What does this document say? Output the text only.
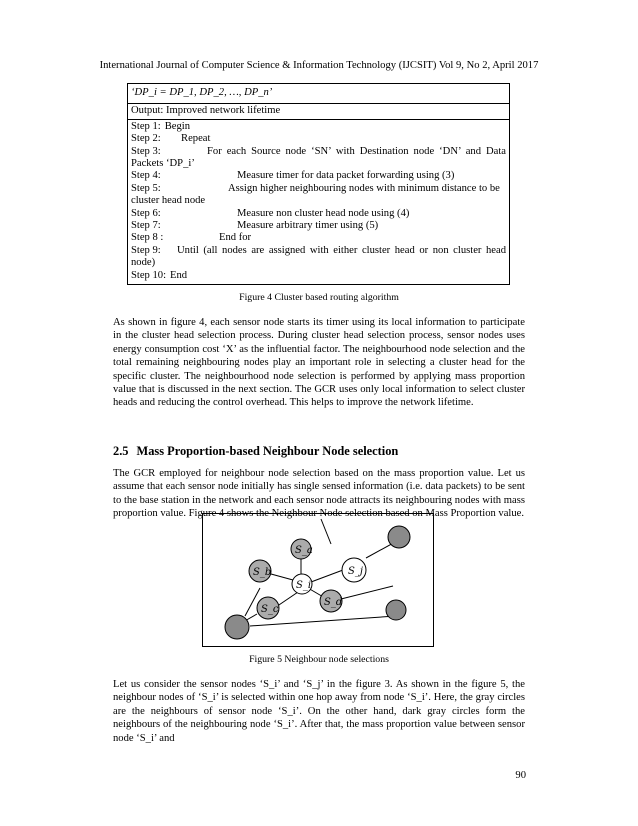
International Journal of Computer Science & Information Technology (IJCSIT) Vol 9, No 2, April 2017
‘DP_i = DP_1, DP_2, …, DP_n’
Output: Improved network lifetime
Step 1: Begin
Step 2:	Repeat
Step 3:	For each Source node ‘SN’ with Destination node ‘DN’ and Data Packets ‘DP_i’
Step 4:	Measure timer for data packet forwarding using (3)
Step 5:	Assign higher neighbouring nodes with minimum distance to be cluster head node
Step 6:	Measure non cluster head node using (4)
Step 7:	Measure arbitrary timer using (5)
Step 8 :	End for
Step 9: Until (all nodes are assigned with either cluster head or non cluster head node)
Step 10: End
Figure 4 Cluster based routing algorithm
As shown in figure 4, each sensor node starts its timer using its local information to participate in the cluster head selection process. During cluster head selection process, sensor nodes uses energy consumption cost ‘X’ as the influential factor. The neighbourhood node selection and the total remaining neighbouring nodes play an important role in selecting a cluster head for the specific cluster. The neighbourhood node selection is performed by applying mass proportion value that is discussed in the next section. The GCR uses only local information to select cluster heads and reducing the control overhead. This helps to improve the network lifetime.
2.5 Mass Proportion-based Neighbour Node selection
The GCR employed for neighbour node selection based on the mass proportion value. Let us assume that each sensor node initially has single sensed information (i.e. data packets) to be sent to the base station in the network and each sensor node attracts its neighbouring nodes with mass proportion value. Figure 4 shows the Neighbour Node selection based on Mass Proportion value.
S_a
S_b	S_j
S_i
S_d
S_c
Figure 5 Neighbour node selections
Let us consider the sensor nodes ‘S_i’ and ‘S_j’ in the figure 3. As shown in the figure 5, the neighbour nodes of ‘S_i’ is selected within one hop away from node ‘S_i’. Here, the gray circles are the neighbours of sensor node ‘S_i’. On the other hand, dark gray circles form the neighbours of the neighbouring node ‘S_i’. After that, the mass proportion value between sensor node ‘S_i’ and
90
